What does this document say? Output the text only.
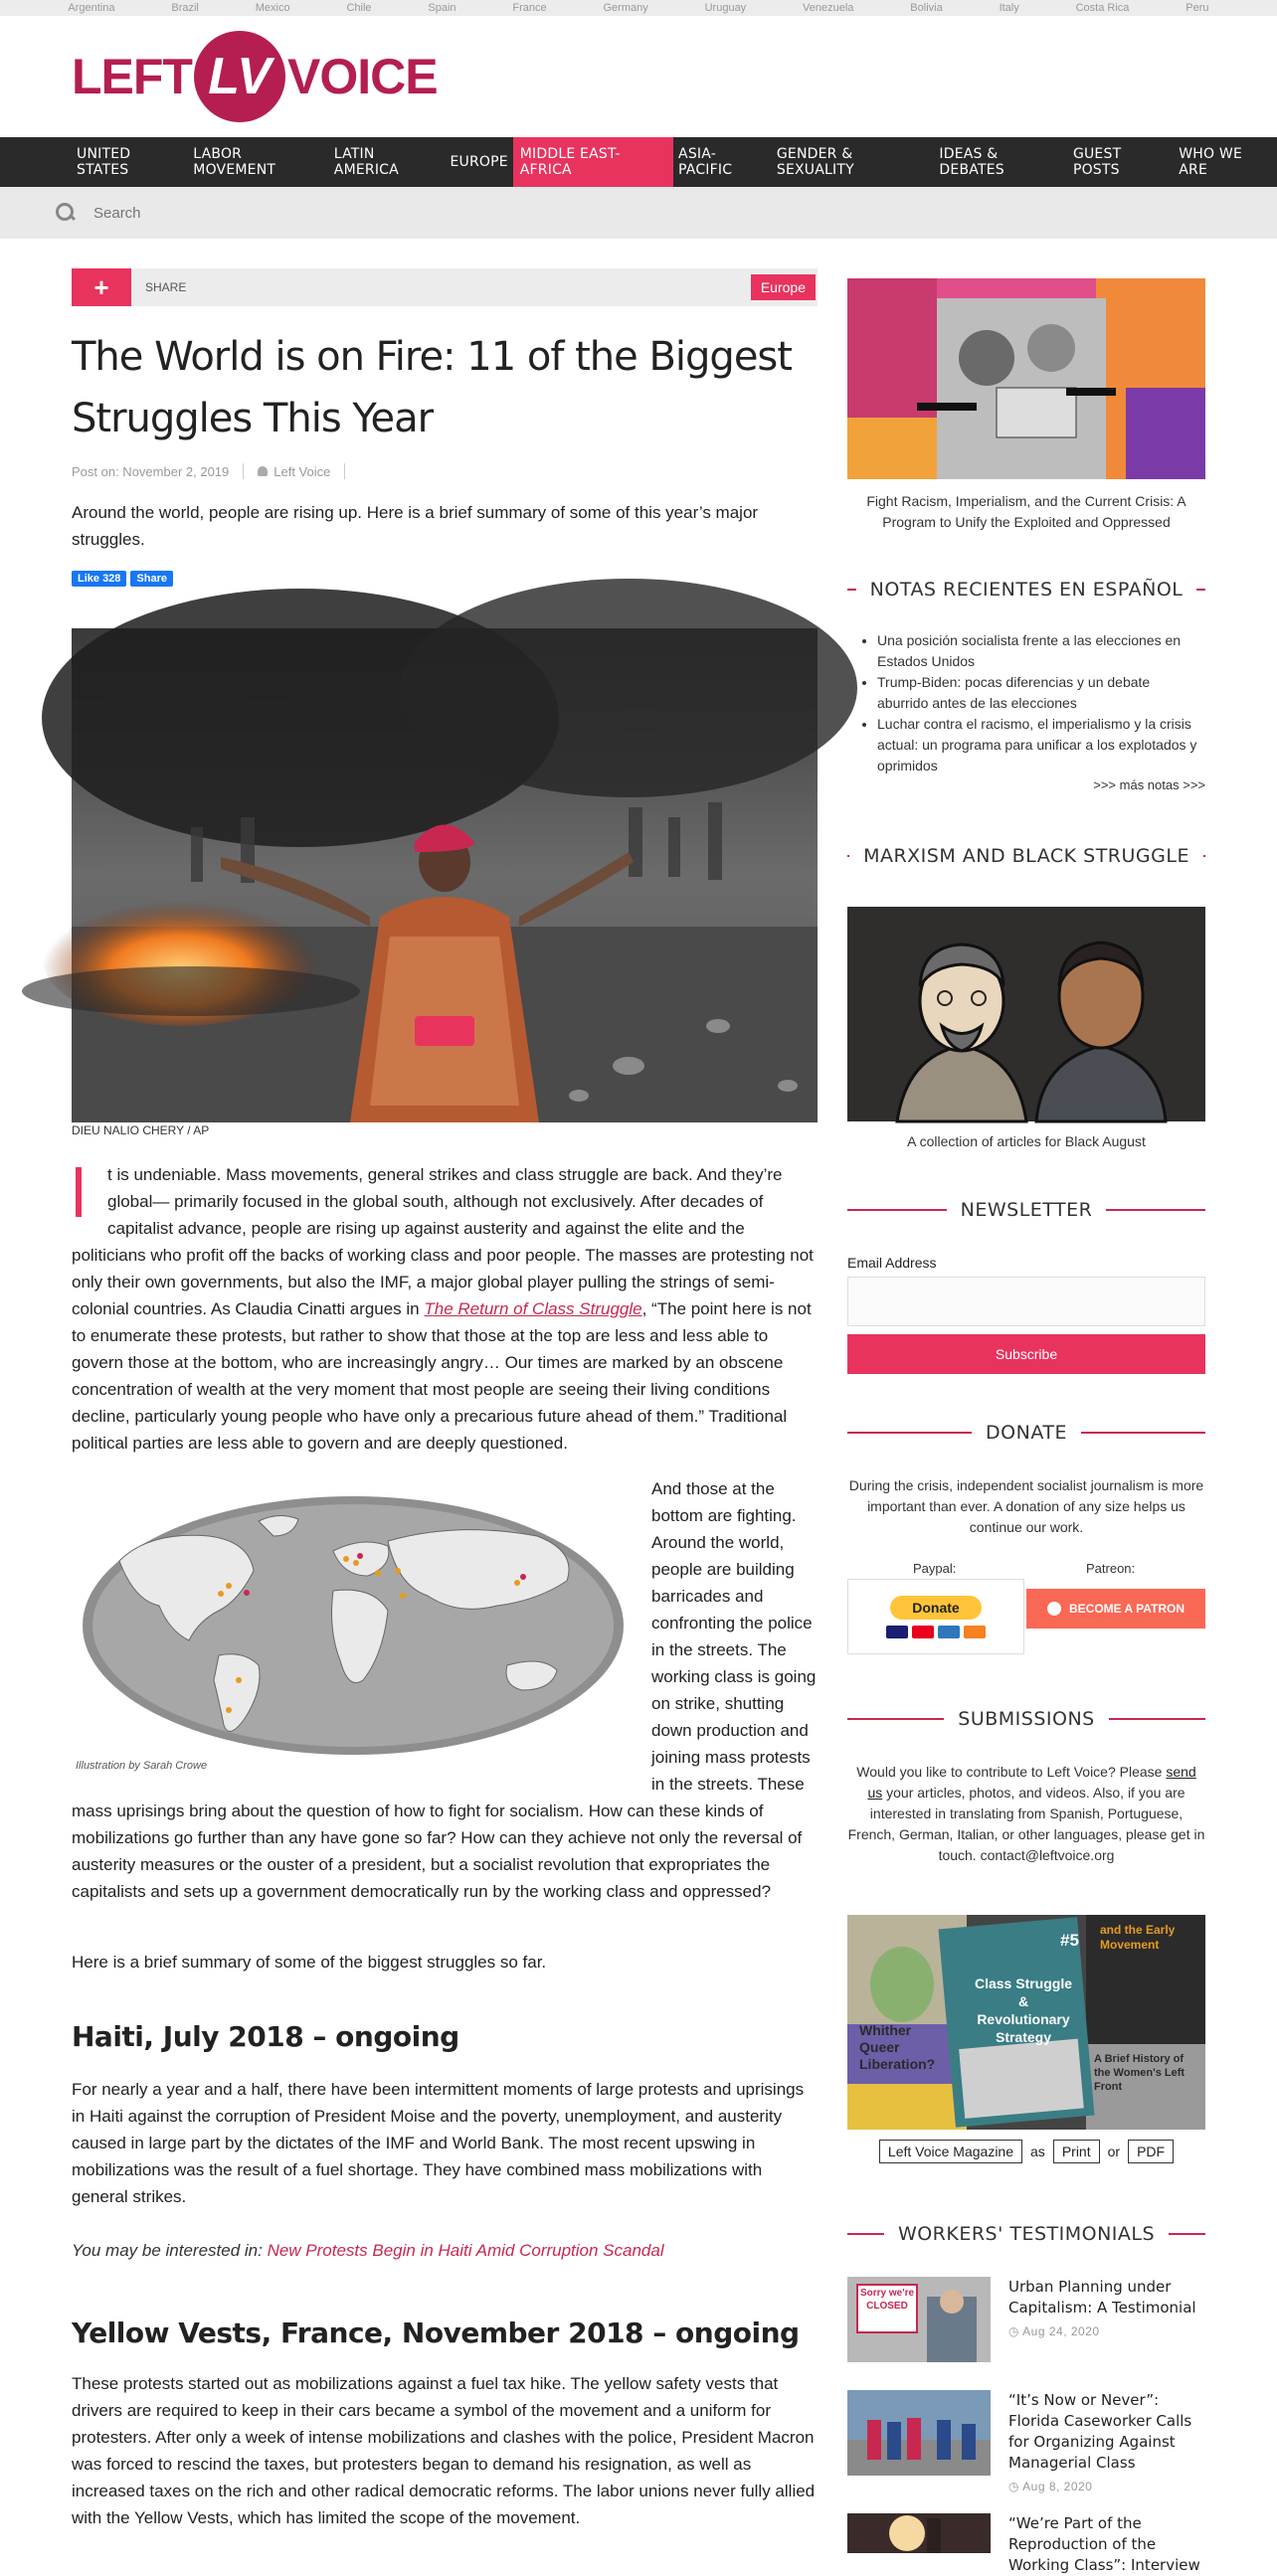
Argentina	Brazil	Mexico	Chile	Spain	France	Germany	Uruguay	Venezuela	Bolivia	Italy	Costa Rica	Peru
LEFT LV VOICE
UNITED STATES
LABOR MOVEMENT
LATIN AMERICA	EUROPE MIDDLE EAST-AFRICA
ASIA-PACIFIC
GENDER & SEXUALITY
IDEAS & DEBATES
GUEST POSTS
WHO WE ARE
Search
+	SHARE	Europe
The World is on Fire: 11 of the Biggest Struggles This Year
Post on: November 2, 2019	Left Voice

Around the world, people are rising up. Here is a brief summary of some of this year’s major struggles.

Like 328	Share
DIEU NALIO CHERY / AP
t is undeniable. Mass movements, general strikes and class struggle are back. And they’re global— primarily focused in the global south, although not exclusively. After decades of capitalist advance, people are rising up against austerity and against the elite and the politicians who profit off the backs of working class and poor people. The masses are protesting not only their own governments, but also the IMF, a major global player pulling the strings of semi-colonial countries. As Claudia Cinatti argues in The Return of Class Struggle, “The point here is not to enumerate these protests, but rather to show that those at the top are less and less able to govern those at the bottom, who are increasingly angry… Our times are marked by an obscene concentration of wealth at the very moment that most people are seeing their living conditions decline, particularly young people who have only a precarious future ahead of them.” Traditional political parties are less able to govern and are deeply questioned.
Illustration by Sarah Crowe

And those at the bottom are fighting. Around the world, people are building barricades and confronting the police in the streets. The working class is going on strike, shutting down production and joining mass protests in the streets. These

mass uprisings bring about the question of how to fight for socialism. How can these kinds of mobilizations go further than any have gone so far? How can they achieve not only the reversal of austerity measures or the ouster of a president, but a socialist revolution that expropriates the capitalists and sets up a government democratically run by the working class and oppressed?

Here is a brief summary of some of the biggest struggles so far.

Haiti, July 2018 – ongoing

For nearly a year and a half, there have been intermittent moments of large protests and uprisings in Haiti against the corruption of President Moise and the poverty, unemployment, and austerity caused in large part by the dictates of the IMF and World Bank. The most recent upswing in mobilizations was the result of a fuel shortage. They have combined mass mobilizations with general strikes.

You may be interested in: New Protests Begin in Haiti Amid Corruption Scandal

Yellow Vests, France, November 2018 – ongoing

These protests started out as mobilizations against a fuel tax hike. The yellow safety vests that drivers are required to keep in their cars became a symbol of the movement and a uniform for protesters. After only a week of intense mobilizations and clashes with the police, President Macron was forced to rescind the taxes, but protesters began to demand his resignation, as well as increased taxes on the rich and other radical democratic reforms. The labor unions never fully allied with the Yellow Vests, which has limited the scope of the movement.

Fight Racism, Imperialism, and the Current Crisis: A Program to Unify the Exploited and Oppressed

NOTAS RECIENTES EN ESPAÑOL
• Una posición socialista frente a las elecciones en Estados Unidos
• Trump-Biden: pocas diferencias y un debate aburrido antes de las elecciones
• Luchar contra el racismo, el imperialismo y la crisis actual: un programa para unificar a los explotados y oprimidos
>>> más notas >>>
MARXISM AND BLACK STRUGGLE

A collection of articles for Black August

NEWSLETTER
Email Address
Subscribe
DONATE

During the crisis, independent socialist journalism is more important than ever. A donation of any size helps us continue our work.

Paypal:	Patreon:
Donate	BECOME A PATRON
SUBMISSIONS

Would you like to contribute to Left Voice? Please send us your articles, photos, and videos. Also, if you are interested in translating from Spanish, Portuguese, French, German, Italian, or other languages, please get in touch. contact@leftvoice.org

#5
Class Struggle & Revolutionary Strategy
Whither Queer Liberation?
and the Early Movement
A Brief History of the Women's Left Front
Left Voice Magazine	as	Print	or	PDF
WORKERS' TESTIMONIALS
Sorry we're CLOSED
Urban Planning under Capitalism: A Testimonial
◷ Aug 24, 2020
“It’s Now or Never”: Florida Caseworker Calls for Organizing Against Managerial Class
◷ Aug 8, 2020
“We’re Part of the Reproduction of the Working Class”: Interview
